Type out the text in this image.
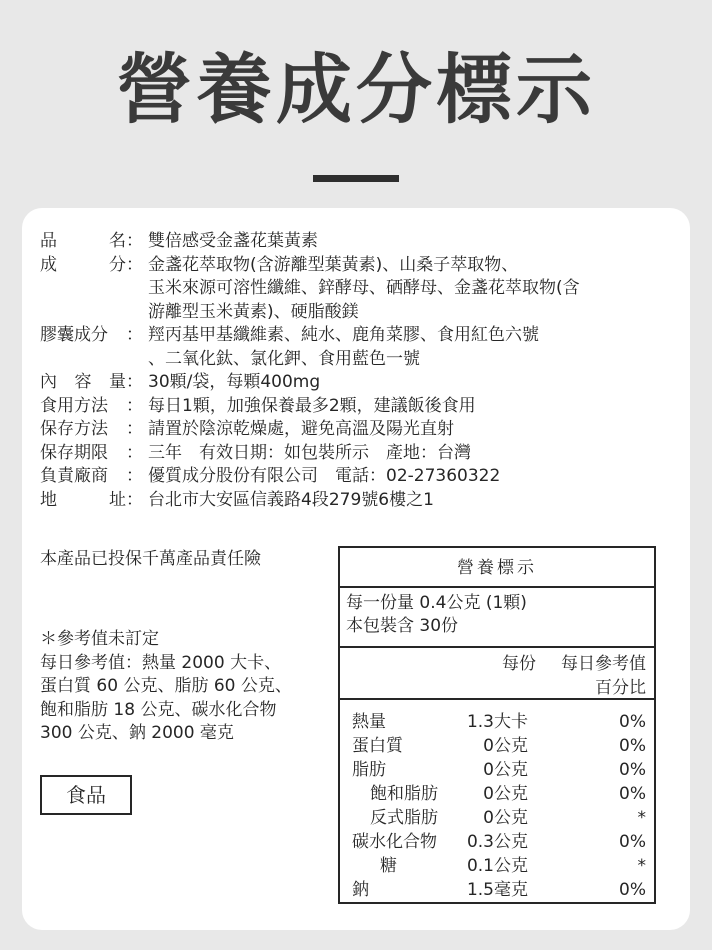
營養成分標示
品	名 ： 雙倍感受金盞花葉黃素
成	分 ： 金盞花萃取物(含游離型葉黃素)、山桑子萃取物、
玉米來源可溶性纖維、鋅酵母、硒酵母、金盞花萃取物(含
游離型玉米黃素)、硬脂酸鎂
膠囊成分 ： 羥丙基甲基纖維素、純水、鹿角菜膠、食用紅色六號
、二氧化鈦、氯化鉀、食用藍色一號
內 容 量 ： 30顆/袋，每顆400mg
食用方法 ： 每日1顆，加強保養最多2顆，建議飯後食用
保存方法 ： 請置於陰涼乾燥處，避免高溫及陽光直射
保存期限 ： 三年　有效日期：如包裝所示　產地：台灣
負責廠商 ： 優質成分股份有限公司　電話：02-27360322
地	址 ： 台北市大安區信義路4段279號6樓之1
本產品已投保千萬產品責任險
＊參考值未訂定
每日參考值：熱量 2000 大卡、
蛋白質 60 公克、脂肪 60 公克、
飽和脂肪 18 公克、碳水化合物
300 公克、鈉 2000 毫克
食品
營養標示
每一份量 0.4公克 (1顆)
本包裝含 30份
每份 每日參考值
百分比
熱量	1.3大卡	0%
蛋白質	0公克	0%
脂肪	0公克	0%
飽和脂肪	0公克	0%
反式脂肪	0公克	*
碳水化合物	0.3公克	0%
糖	0.1公克	*
鈉	1.5毫克	0%
